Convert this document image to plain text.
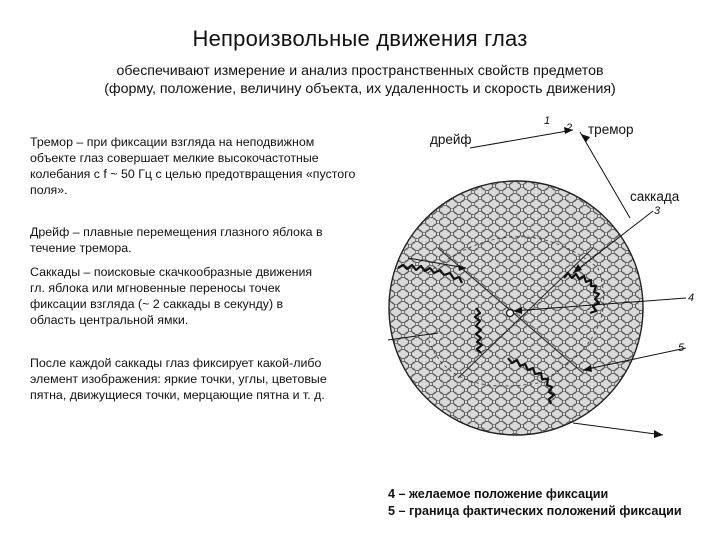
Непроизвольные движения глаз
обеспечивают измерение и анализ пространственных свойств предметов
(форму, положение, величину объекта, их удаленность и скорость движения)
дрейф
тремор
саккада
1
2
3
4
5
Тремор – при фиксации взгляда на неподвижном объекте глаз совершает мелкие высокочастотные колебания с f ~ 50 Гц с целью предотвращения «пустого поля».
Дрейф – плавные перемещения глазного яблока в течение тремора.
Саккады – поисковые скачкообразные движения гл. яблока или мгновенные переносы точек фиксации взгляда (~ 2 саккады в секунду) в область центральной ямки.
После каждой саккады глаз фиксирует какой-либо элемент изображения: яркие точки, углы, цветовые пятна, движущиеся точки, мерцающие пятна и т. д.
4 – желаемое положение фиксации
5 – граница фактических положений фиксации
